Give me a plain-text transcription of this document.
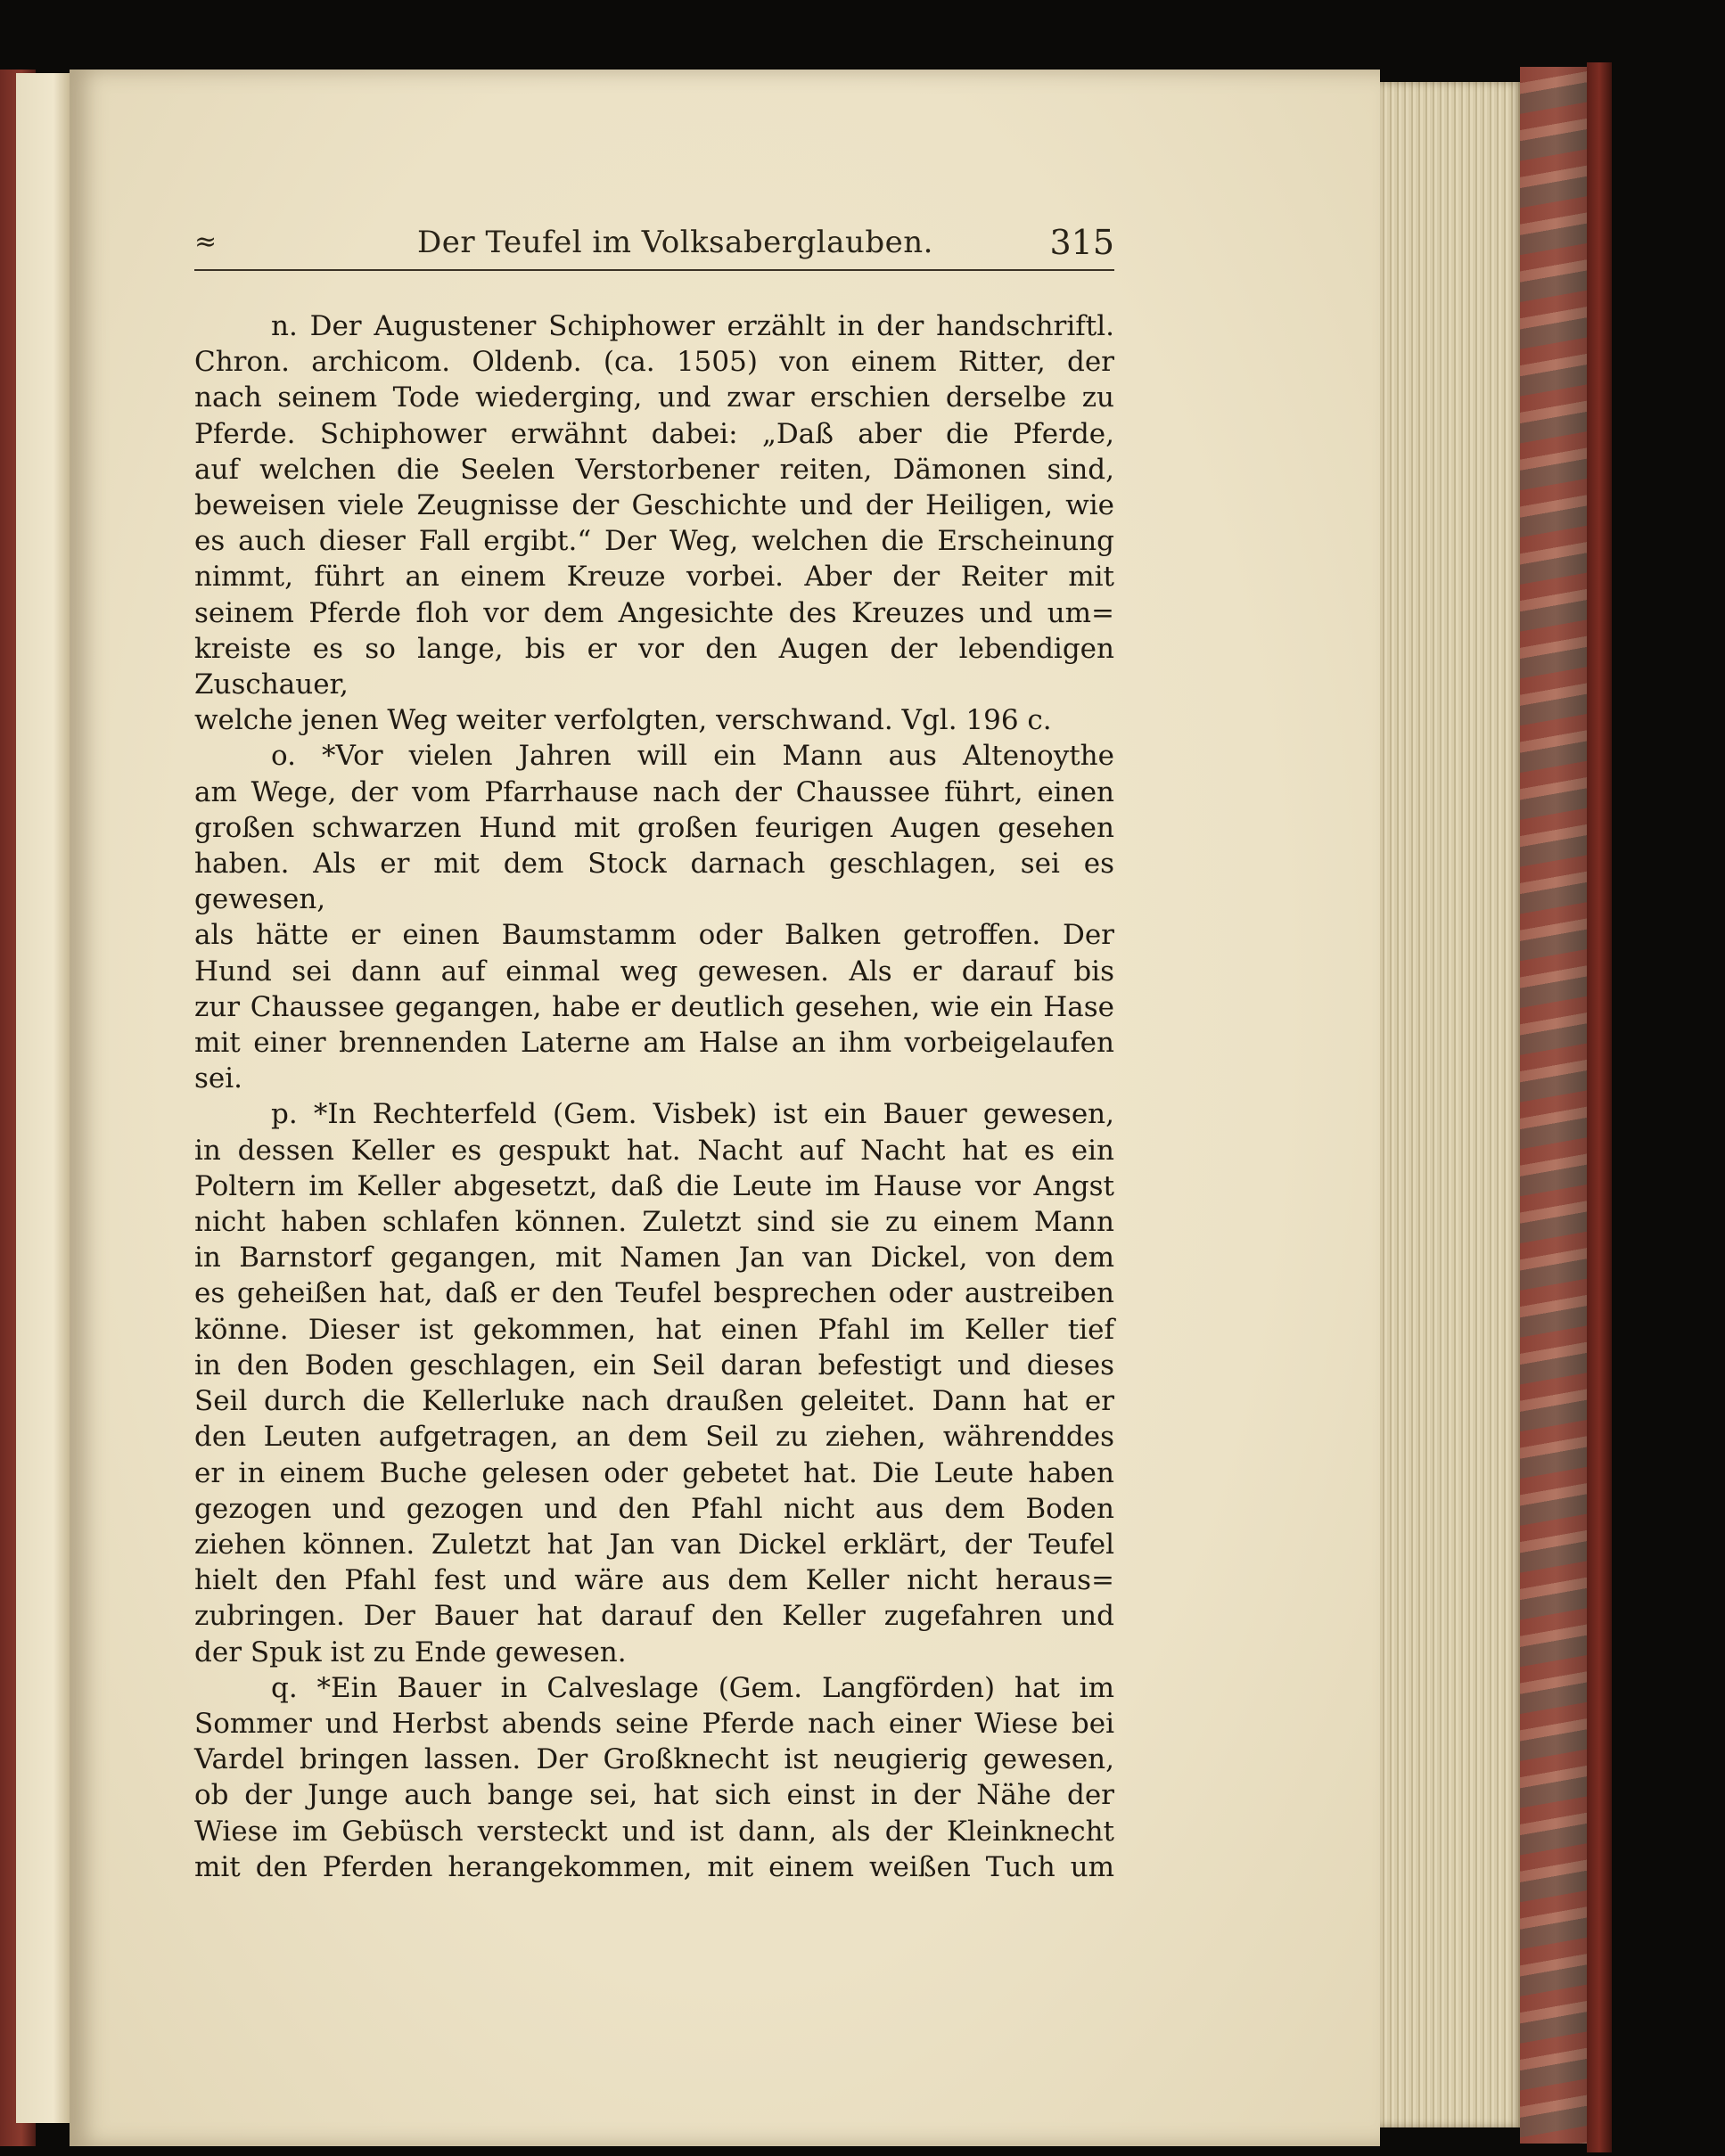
≈	Der Teufel im Volksaberglauben.	315

n. Der Augustener Schiphower erzählt in der handschriftl.

Chron. archicom. Oldenb. (ca. 1505) von einem Ritter, der

nach seinem Tode wiederging, und zwar erschien derselbe zu

Pferde. Schiphower erwähnt dabei: „Daß aber die Pferde,

auf welchen die Seelen Verstorbener reiten, Dämonen sind,

beweisen viele Zeugnisse der Geschichte und der Heiligen, wie

es auch dieser Fall ergibt.“ Der Weg, welchen die Erscheinung

nimmt, führt an einem Kreuze vorbei. Aber der Reiter mit

seinem Pferde floh vor dem Angesichte des Kreuzes und um=

kreiste es so lange, bis er vor den Augen der lebendigen Zuschauer,

welche jenen Weg weiter verfolgten, verschwand. Vgl. 196 c.

o. *Vor vielen Jahren will ein Mann aus Altenoythe

am Wege, der vom Pfarrhause nach der Chaussee führt, einen

großen schwarzen Hund mit großen feurigen Augen gesehen

haben. Als er mit dem Stock darnach geschlagen, sei es gewesen,

als hätte er einen Baumstamm oder Balken getroffen. Der

Hund sei dann auf einmal weg gewesen. Als er darauf bis

zur Chaussee gegangen, habe er deutlich gesehen, wie ein Hase

mit einer brennenden Laterne am Halse an ihm vorbeigelaufen sei.

p. *In Rechterfeld (Gem. Visbek) ist ein Bauer gewesen,

in dessen Keller es gespukt hat. Nacht auf Nacht hat es ein

Poltern im Keller abgesetzt, daß die Leute im Hause vor Angst

nicht haben schlafen können. Zuletzt sind sie zu einem Mann

in Barnstorf gegangen, mit Namen Jan van Dickel, von dem

es geheißen hat, daß er den Teufel besprechen oder austreiben

könne. Dieser ist gekommen, hat einen Pfahl im Keller tief

in den Boden geschlagen, ein Seil daran befestigt und dieses

Seil durch die Kellerluke nach draußen geleitet. Dann hat er

den Leuten aufgetragen, an dem Seil zu ziehen, währenddes

er in einem Buche gelesen oder gebetet hat. Die Leute haben

gezogen und gezogen und den Pfahl nicht aus dem Boden

ziehen können. Zuletzt hat Jan van Dickel erklärt, der Teufel

hielt den Pfahl fest und wäre aus dem Keller nicht heraus=

zubringen. Der Bauer hat darauf den Keller zugefahren und

der Spuk ist zu Ende gewesen.

q. *Ein Bauer in Calveslage (Gem. Langförden) hat im

Sommer und Herbst abends seine Pferde nach einer Wiese bei

Vardel bringen lassen. Der Großknecht ist neugierig gewesen,

ob der Junge auch bange sei, hat sich einst in der Nähe der

Wiese im Gebüsch versteckt und ist dann, als der Kleinknecht

mit den Pferden herangekommen, mit einem weißen Tuch um
